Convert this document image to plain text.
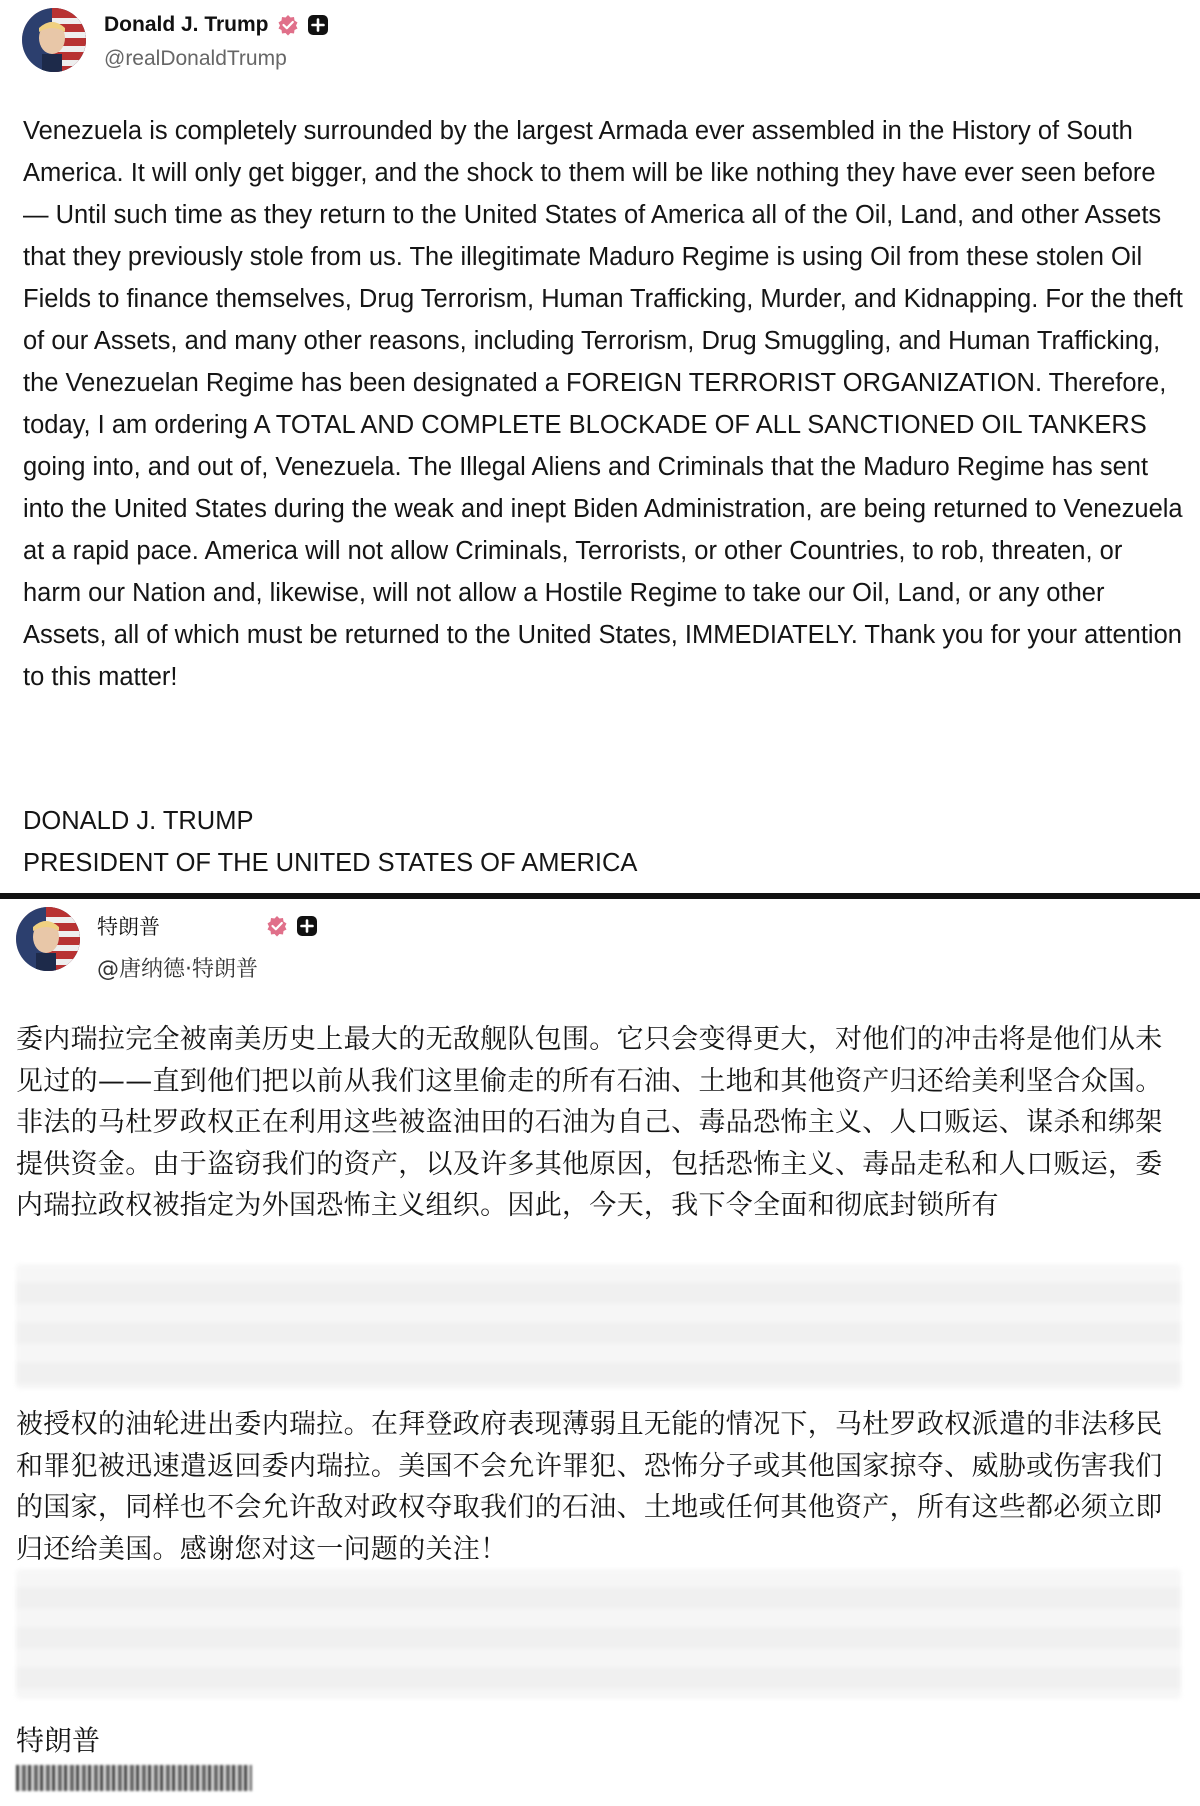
Donald J. Trump
@realDonaldTrump

Venezuela is completely surrounded by the largest Armada ever assembled in the History of South America. It will only get bigger, and the shock to them will be like nothing they have ever seen before — Until such time as they return to the United States of America all of the Oil, Land, and other Assets that they previously stole from us. The illegitimate Maduro Regime is using Oil from these stolen Oil Fields to finance themselves, Drug Terrorism, Human Trafficking, Murder, and Kidnapping. For the theft of our Assets, and many other reasons, including Terrorism, Drug Smuggling, and Human Trafficking, the Venezuelan Regime has been designated a FOREIGN TERRORIST ORGANIZATION. Therefore, today, I am ordering A TOTAL AND COMPLETE BLOCKADE OF ALL SANCTIONED OIL TANKERS going into, and out of, Venezuela. The Illegal Aliens and Criminals that the Maduro Regime has sent into the United States during the weak and inept Biden Administration, are being returned to Venezuela at a rapid pace. America will not allow Criminals, Terrorists, or other Countries, to rob, threaten, or harm our Nation and, likewise, will not allow a Hostile Regime to take our Oil, Land, or any other Assets, all of which must be returned to the United States, IMMEDIATELY. Thank you for your attention to this matter!

DONALD J. TRUMP
PRESIDENT OF THE UNITED STATES OF AMERICA
特朗普
@唐纳德·特朗普

委内瑞拉完全被南美历史上最大的无敌舰队包围。它只会变得更大，对他们的冲击将是他们从未见过的——直到他们把以前从我们这里偷走的所有石油、土地和其他资产归还给美利坚合众国。非法的马杜罗政权正在利用这些被盗油田的石油为自己、毒品恐怖主义、人口贩运、谋杀和绑架提供资金。由于盗窃我们的资产，以及许多其他原因，包括恐怖主义、毒品走私和人口贩运，委内瑞拉政权被指定为外国恐怖主义组织。因此，今天，我下令全面和彻底封锁所有

被授权的油轮进出委内瑞拉。在拜登政府表现薄弱且无能的情况下，马杜罗政权派遣的非法移民和罪犯被迅速遣返回委内瑞拉。美国不会允许罪犯、恐怖分子或其他国家掠夺、威胁或伤害我们的国家，同样也不会允许敌对政权夺取我们的石油、土地或任何其他资产，所有这些都必须立即归还给美国。感谢您对这一问题的关注！

特朗普
